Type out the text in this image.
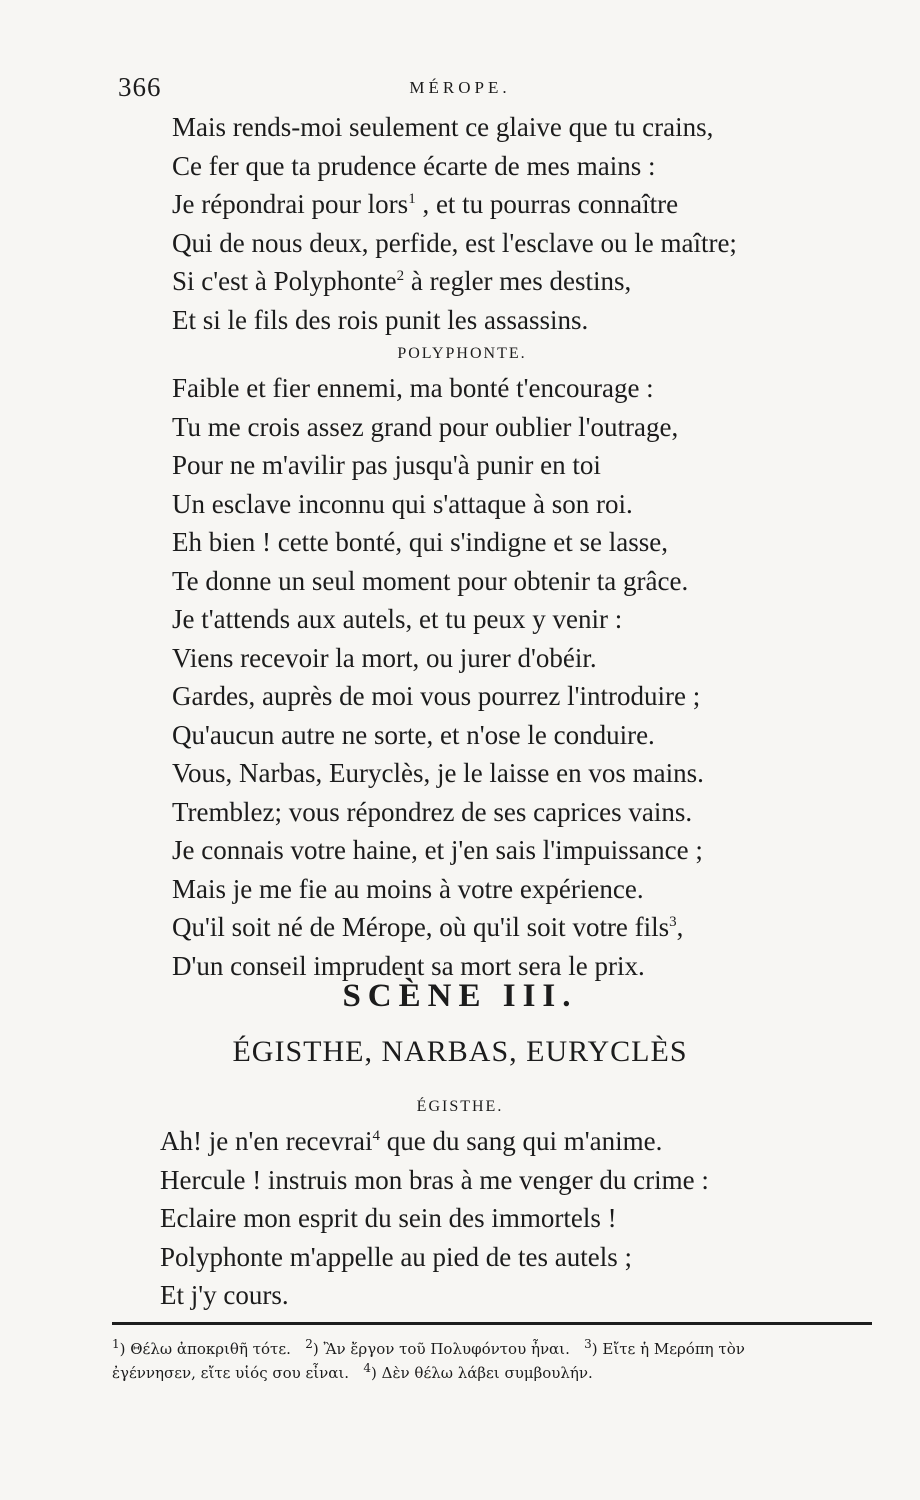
366	MÉROPE.
Mais rends-moi seulement ce glaive que tu crains,
Ce fer que ta prudence écarte de mes mains :
Je répondrai pour lors$^1$ , et tu pourras connaître
Qui de nous deux, perfide, est l'esclave ou le maître;
Si c'est à Polyphonte$^2$ à regler mes destins,
Et si le fils des rois punit les assassins.
POLYPHONTE.
Faible et fier ennemi, ma bonté t'encourage :
Tu me crois assez grand pour oublier l'outrage,
Pour ne m'avilir pas jusqu'à punir en toi
Un esclave inconnu qui s'attaque à son roi.
Eh bien ! cette bonté, qui s'indigne et se lasse,
Te donne un seul moment pour obtenir ta grâce.
Je t'attends aux autels, et tu peux y venir :
Viens recevoir la mort, ou jurer d'obéir.
Gardes, auprès de moi vous pourrez l'introduire ;
Qu'aucun autre ne sorte, et n'ose le conduire.
Vous, Narbas, Euryclès, je le laisse en vos mains.
Tremblez; vous répondrez de ses caprices vains.
Je connais votre haine, et j'en sais l'impuissance ;
Mais je me fie au moins à votre expérience.
Qu'il soit né de Mérope, où qu'il soit votre fils$^3$,
D'un conseil imprudent sa mort sera le prix.
SCÈNE III.
ÉGISTHE, NARBAS, EURYCLÈS
ÉGISTHE.
Ah! je n'en recevrai$^4$ que du sang qui m'anime.
Hercule ! instruis mon bras à me venger du crime :
Eclaire mon esprit du sein des immortels !
Polyphonte m'appelle au pied de tes autels ;
Et j'y cours.
$^1$) Θέλω ἀποκριθῆ τότε. $^2$) Ἂν ἔργον τοῦ Πολυφόντου ἦναι. $^3$) Εἴτε ἡ Μερόπη τὸν
ἐγέννησεν, εἴτε υἱός σου εἶναι. $^4$) Δὲν θέλω λάβει συμβουλήν.
